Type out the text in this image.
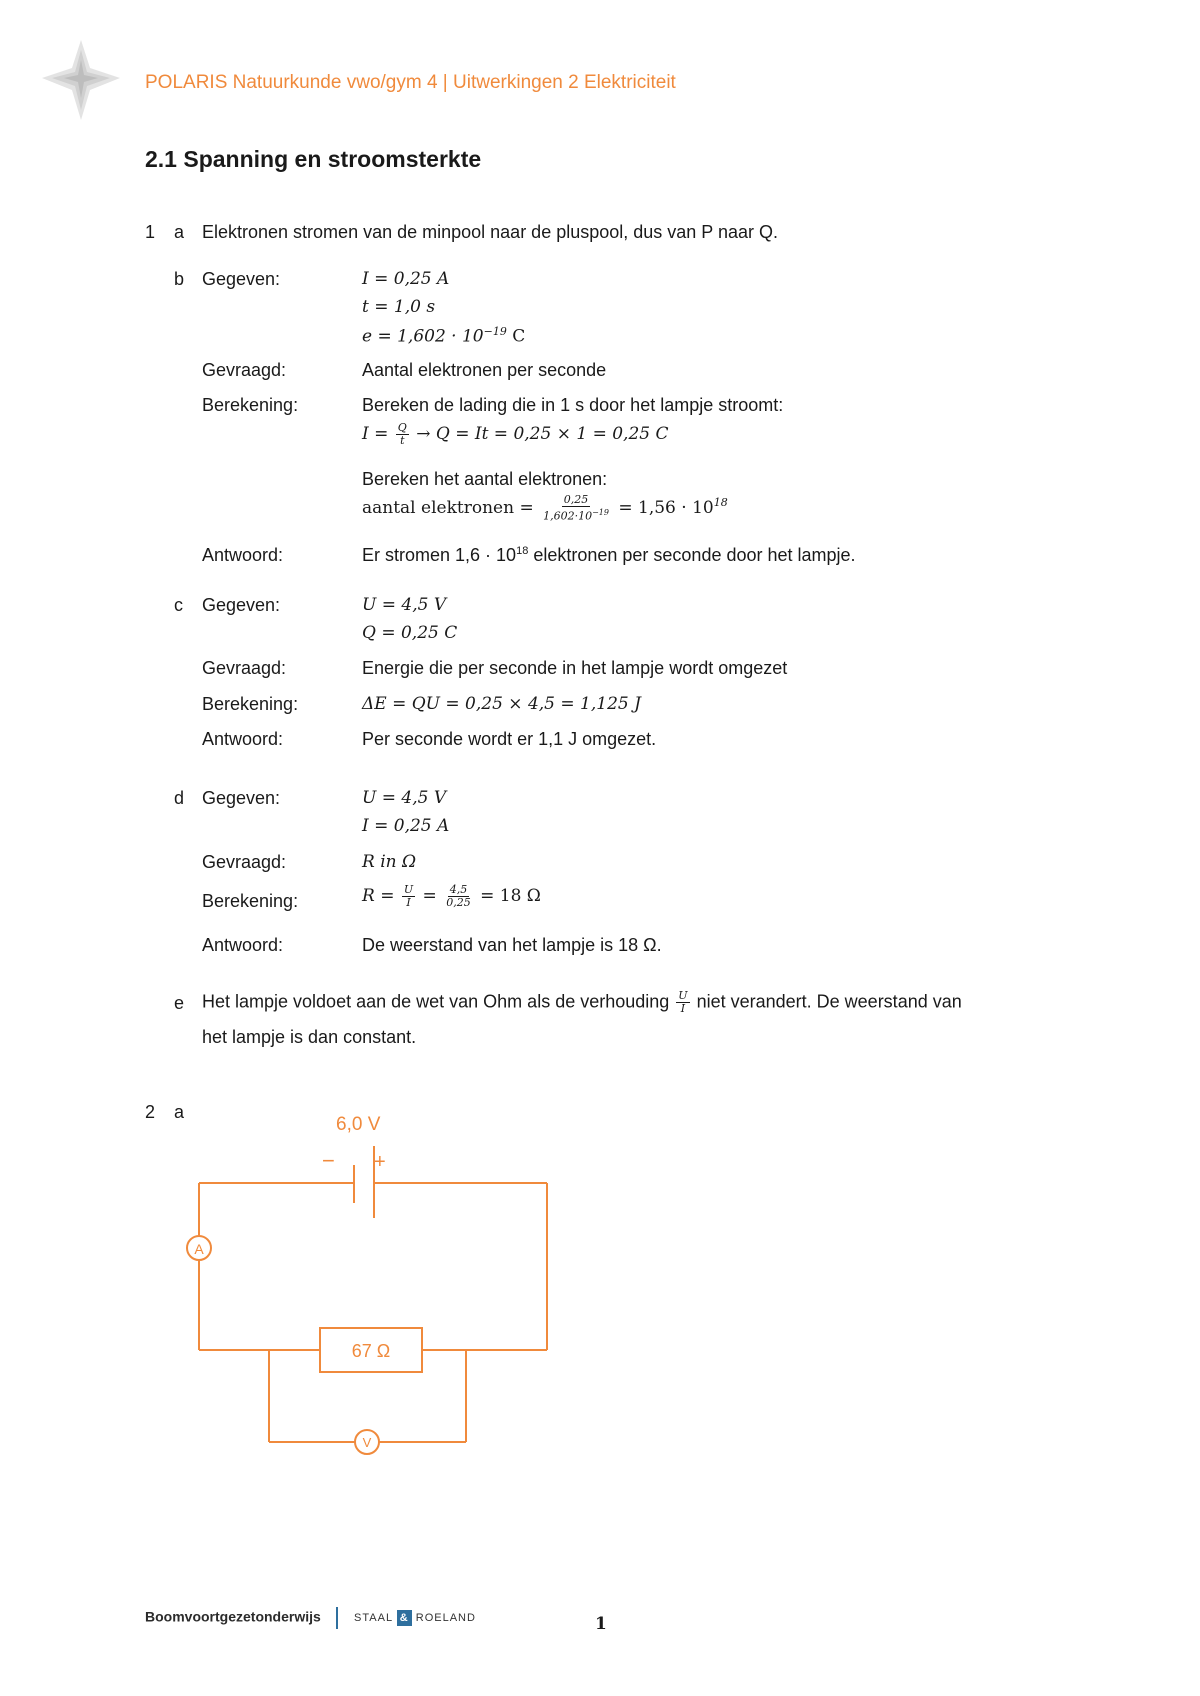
POLARIS Natuurkunde vwo/gym 4 | Uitwerkingen 2 Elektriciteit
2.1 Spanning en stroomsterkte
1 a Elektronen stromen van de minpool naar de pluspool, dus van P naar Q.
b Gegeven:	I = 0,25 A
t = 1,0 s
$e = 1,602 \cdot 10^{-19}$ C
Gevraagd:	Aantal elektronen per seconde
Berekening:	Bereken de lading die in 1 s door het lampje stroomt:
$I = \frac{Q}{t} \to Q = It = 0,25 \times 1 = 0,25$ C
Bereken het aantal elektronen:
aantal elektronen = $\frac{0,25}{1,602\cdot 10^{-19}} = 1,56 \cdot 10^{18}$
Antwoord:	Er stromen $1,6 \cdot 10^{18}$ elektronen per seconde door het lampje.
c Gegeven:	U = 4,5 V
Q = 0,25 C
Gevraagd:	Energie die per seconde in het lampje wordt omgezet
Berekening:	ΔE = QU = 0,25 × 4,5 = 1,125 J
Antwoord:	Per seconde wordt er 1,1 J omgezet.
d Gegeven:	U = 4,5 V
I = 0,25 A
Gevraagd:	R in Ω
Berekening:	$R = \frac{U}{I} = \frac{4,5}{0,25} = 18$ Ω
Antwoord:	De weerstand van het lampje is 18 Ω.
e Het lampje voldoet aan de wet van Ohm als de verhouding $\frac{U}{I}$ niet verandert. De weerstand van
het lampje is dan constant.
2 a
6,0 V
− +
A
V
67 Ω
Boomvoortgezetonderwijs	STAAL & ROELAND	1
